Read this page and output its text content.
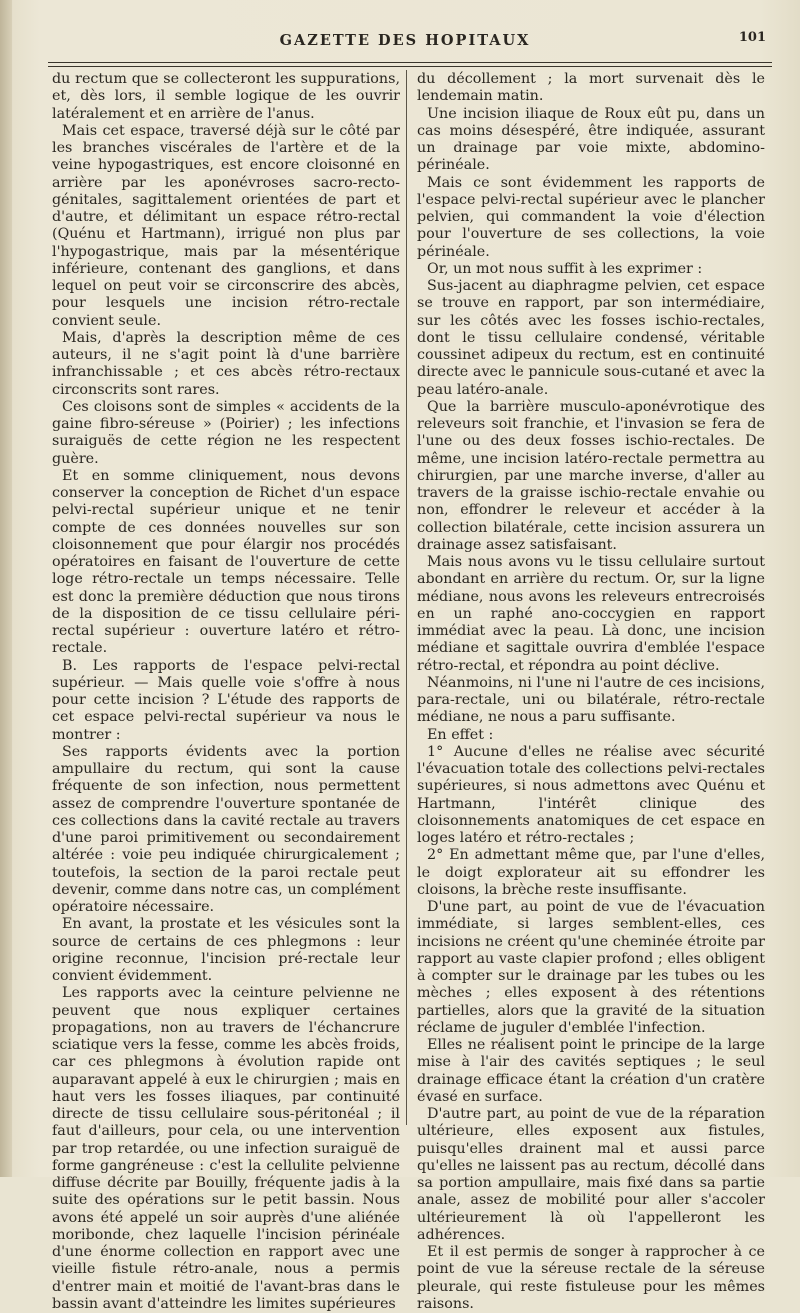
GAZETTE DES HOPITAUX	101

du rectum que se collecteront les suppurations, et, dès lors, il semble logique de les ouvrir latéralement et en arrière de l'anus.

Mais cet espace, traversé déjà sur le côté par les branches viscérales de l'artère et de la veine hypogastriques, est encore cloisonné en arrière par les aponévroses sacro-recto-génitales, sagittalement orientées de part et d'autre, et délimitant un espace rétro-rectal (Quénu et Hartmann), irrigué non plus par l'hypogastrique, mais par la mésentérique inférieure, contenant des ganglions, et dans lequel on peut voir se circonscrire des abcès, pour lesquels une incision rétro-rectale convient seule.

Mais, d'après la description même de ces auteurs, il ne s'agit point là d'une barrière infranchissable ; et ces abcès rétro-rectaux circonscrits sont rares.

Ces cloisons sont de simples « accidents de la gaine fibro-séreuse » (Poirier) ; les infections suraiguës de cette région ne les respectent guère.

Et en somme cliniquement, nous devons conserver la conception de Richet d'un espace pelvi-rectal supérieur unique et ne tenir compte de ces données nouvelles sur son cloisonnement que pour élargir nos procédés opératoires en faisant de l'ouverture de cette loge rétro-rectale un temps nécessaire. Telle est donc la première déduction que nous tirons de la disposition de ce tissu cellulaire péri-rectal supérieur : ouverture latéro et rétro-rectale.

B. Les rapports de l'espace pelvi-rectal supérieur. — Mais quelle voie s'offre à nous pour cette incision ? L'étude des rapports de cet espace pelvi-rectal supérieur va nous le montrer :

Ses rapports évidents avec la portion ampullaire du rectum, qui sont la cause fréquente de son infection, nous permettent assez de comprendre l'ouverture spontanée de ces collections dans la cavité rectale au travers d'une paroi primitivement ou secondairement altérée : voie peu indiquée chirurgicalement ; toutefois, la section de la paroi rectale peut devenir, comme dans notre cas, un complément opératoire nécessaire.

En avant, la prostate et les vésicules sont la source de certains de ces phlegmons : leur origine reconnue, l'incision pré-rectale leur convient évidemment.

Les rapports avec la ceinture pelvienne ne peuvent que nous expliquer certaines propagations, non au travers de l'échancrure sciatique vers la fesse, comme les abcès froids, car ces phlegmons à évolution rapide ont auparavant appelé à eux le chirurgien ; mais en haut vers les fosses iliaques, par continuité directe de tissu cellulaire sous-péritonéal ; il faut d'ailleurs, pour cela, ou une intervention par trop retardée, ou une infection suraiguë de forme gangréneuse : c'est la cellulite pelvienne diffuse décrite par Bouilly, fréquente jadis à la suite des opérations sur le petit bassin. Nous avons été appelé un soir auprès d'une aliénée moribonde, chez laquelle l'incision périnéale d'une énorme collection en rapport avec une vieille fistule rétro-anale, nous a permis d'entrer main et moitié de l'avant-bras dans le bassin avant d'atteindre les limites supérieures

du décollement ; la mort survenait dès le lendemain matin.

Une incision iliaque de Roux eût pu, dans un cas moins désespéré, être indiquée, assurant un drainage par voie mixte, abdomino-périnéale.

Mais ce sont évidemment les rapports de l'espace pelvi-rectal supérieur avec le plancher pelvien, qui commandent la voie d'élection pour l'ouverture de ses collections, la voie périnéale.

Or, un mot nous suffit à les exprimer :

Sus-jacent au diaphragme pelvien, cet espace se trouve en rapport, par son intermédiaire, sur les côtés avec les fosses ischio-rectales, dont le tissu cellulaire condensé, véritable coussinet adipeux du rectum, est en continuité directe avec le pannicule sous-cutané et avec la peau latéro-anale.

Que la barrière musculo-aponévrotique des releveurs soit franchie, et l'invasion se fera de l'une ou des deux fosses ischio-rectales. De même, une incision latéro-rectale permettra au chirurgien, par une marche inverse, d'aller au travers de la graisse ischio-rectale envahie ou non, effondrer le releveur et accéder à la collection bilatérale, cette incision assurera un drainage assez satisfaisant.

Mais nous avons vu le tissu cellulaire surtout abondant en arrière du rectum. Or, sur la ligne médiane, nous avons les releveurs entrecroisés en un raphé ano-coccygien en rapport immédiat avec la peau. Là donc, une incision médiane et sagittale ouvrira d'emblée l'espace rétro-rectal, et répondra au point déclive.

Néanmoins, ni l'une ni l'autre de ces incisions, para-rectale, uni ou bilatérale, rétro-rectale médiane, ne nous a paru suffisante.

En effet :

1° Aucune d'elles ne réalise avec sécurité l'évacuation totale des collections pelvi-rectales supérieures, si nous admettons avec Quénu et Hartmann, l'intérêt clinique des cloisonnements anatomiques de cet espace en loges latéro et rétro-rectales ;

2° En admettant même que, par l'une d'elles, le doigt explorateur ait su effondrer les cloisons, la brèche reste insuffisante.

D'une part, au point de vue de l'évacuation immédiate, si larges semblent-elles, ces incisions ne créent qu'une cheminée étroite par rapport au vaste clapier profond ; elles obligent à compter sur le drainage par les tubes ou les mèches ; elles exposent à des rétentions partielles, alors que la gravité de la situation réclame de juguler d'emblée l'infection.

Elles ne réalisent point le principe de la large mise à l'air des cavités septiques ; le seul drainage efficace étant la création d'un cratère évasé en surface.

D'autre part, au point de vue de la réparation ultérieure, elles exposent aux fistules, puisqu'elles drainent mal et aussi parce qu'elles ne laissent pas au rectum, décollé dans sa portion ampullaire, mais fixé dans sa partie anale, assez de mobilité pour aller s'accoler ultérieurement là où l'appelleront les adhérences.

Et il est permis de songer à rapprocher à ce point de vue la séreuse rectale de la séreuse pleurale, qui reste fistuleuse pour les mêmes raisons.
